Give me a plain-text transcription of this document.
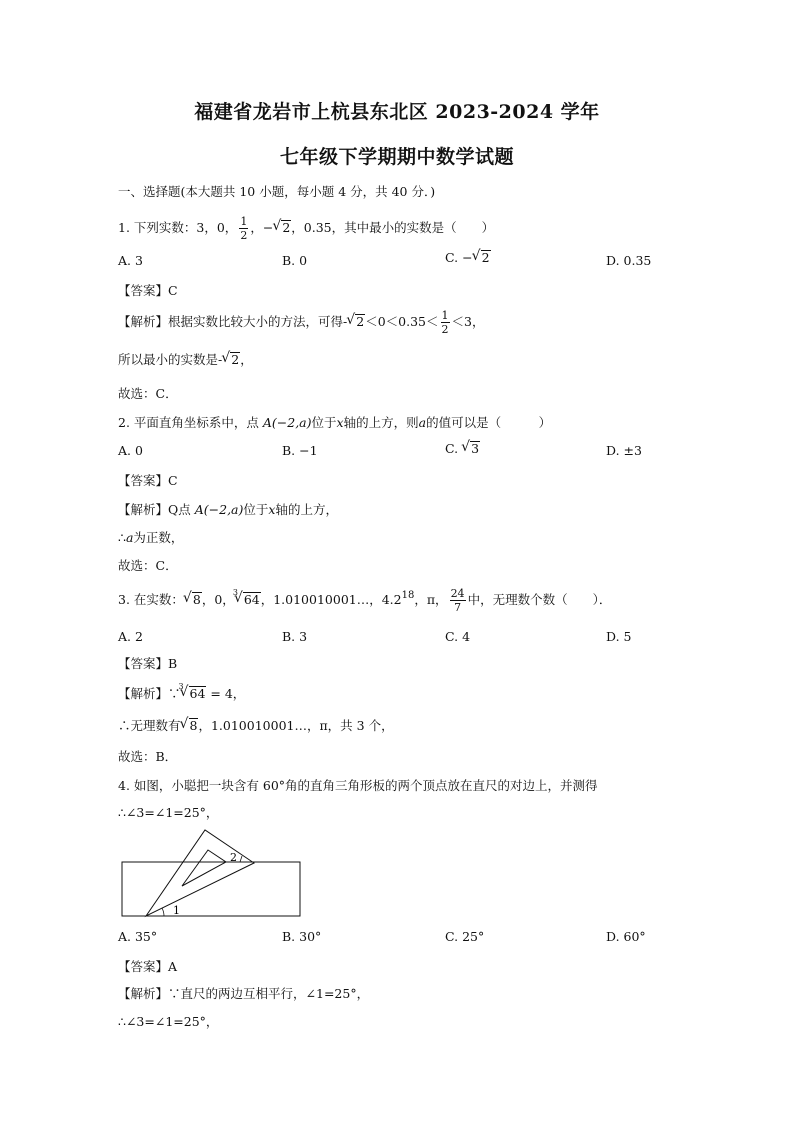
福建省龙岩市上杭县东北区 2023-2024 学年
七年级下学期期中数学试题
一、选择题(本大题共 10 小题，每小题 4 分，共 40 分．)
1. 下列实数：3，0， $\frac{1}{2}$ ，− √ 2，0.35，其中最小的实数是（　　）
A. 3	B. 0	C. − √ 2	D. 0.35
【答案】C
【解析】根据实数比较大小的方法，可得- √ $2<0<0.35< \frac{1}{2} <3$，
所以最小的实数是- √ 2，
故选：C．
2. 平面直角坐标系中，点 A(−2,a)位于x轴的上方，则a的值可以是（　　　）
A. 0	B. −1	C. √ 3	D. ±3
【答案】C
【解析】Q点 A(−2,a)位于x轴的上方，
∴a为正数，
故选：C．
3. 在实数： √ 8，0，
√ 3 64，1.010010001…，$4.2^{18}$，π， $\frac{24}{7}$ 中，无理数个数（　　）．
A. 2	B. 3	C. 4	D. 5
【答案】B
【解析】∵
√ 3 64 = 4，
∴无理数有 √ 8，1.010010001…，π，共 3 个，
故选：B．
4. 如图，小聪把一块含有 60°角的直角三角形板的两个顶点放在直尺的对边上，并测得
∴∠3=∠1=25°，
1
2
A. 35°	B. 30°	C. 25°	D. 60°
【答案】A
【解析】∵直尺的两边互相平行，∠1=25°，
∴∠3=∠1=25°，
